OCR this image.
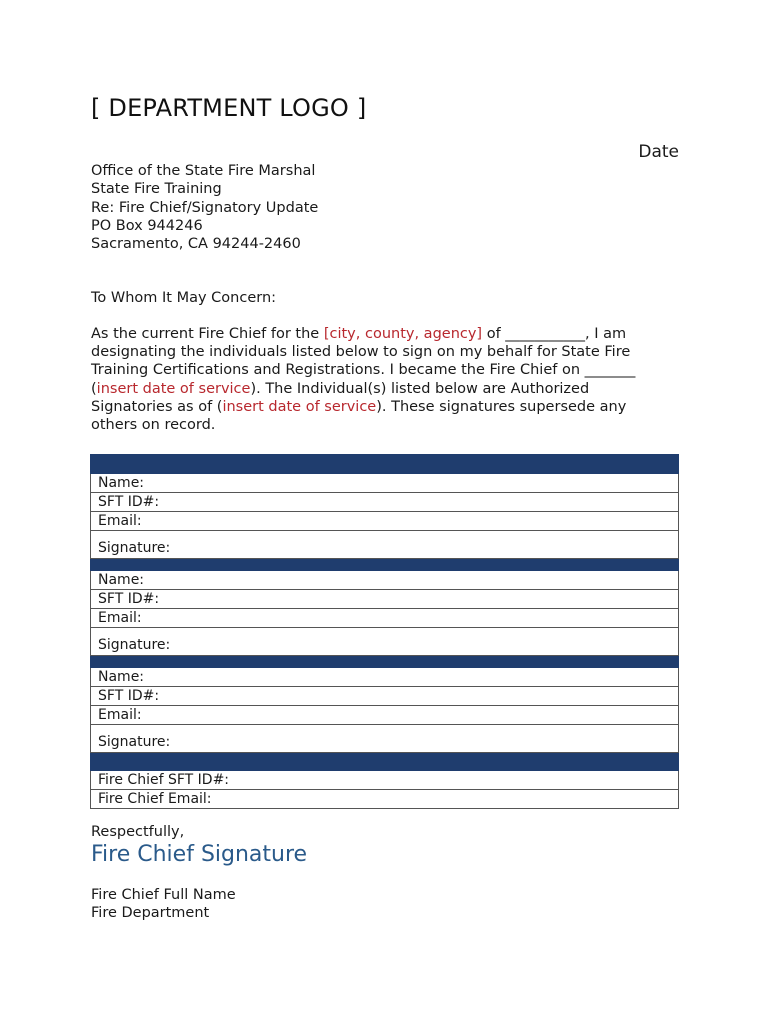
[ DEPARTMENT LOGO ]
Date
Office of the State Fire Marshal
State Fire Training
Re: Fire Chief/Signatory Update
PO Box 944246
Sacramento, CA 94244-2460
To Whom It May Concern:
As the current Fire Chief for the [city, county, agency] of ___________, I am
designating the individuals listed below to sign on my behalf for State Fire
Training Certifications and Registrations. I became the Fire Chief on _______
(insert date of service). The Individual(s) listed below are Authorized
Signatories as of (insert date of service). These signatures supersede any
others on record.

Name:
SFT ID#:
Email:
Signature:

Name:
SFT ID#:
Email:
Signature:

Name:
SFT ID#:
Email:
Signature:

Fire Chief SFT ID#:
Fire Chief Email:
Respectfully,
Fire Chief Signature
Fire Chief Full Name
Fire Department
